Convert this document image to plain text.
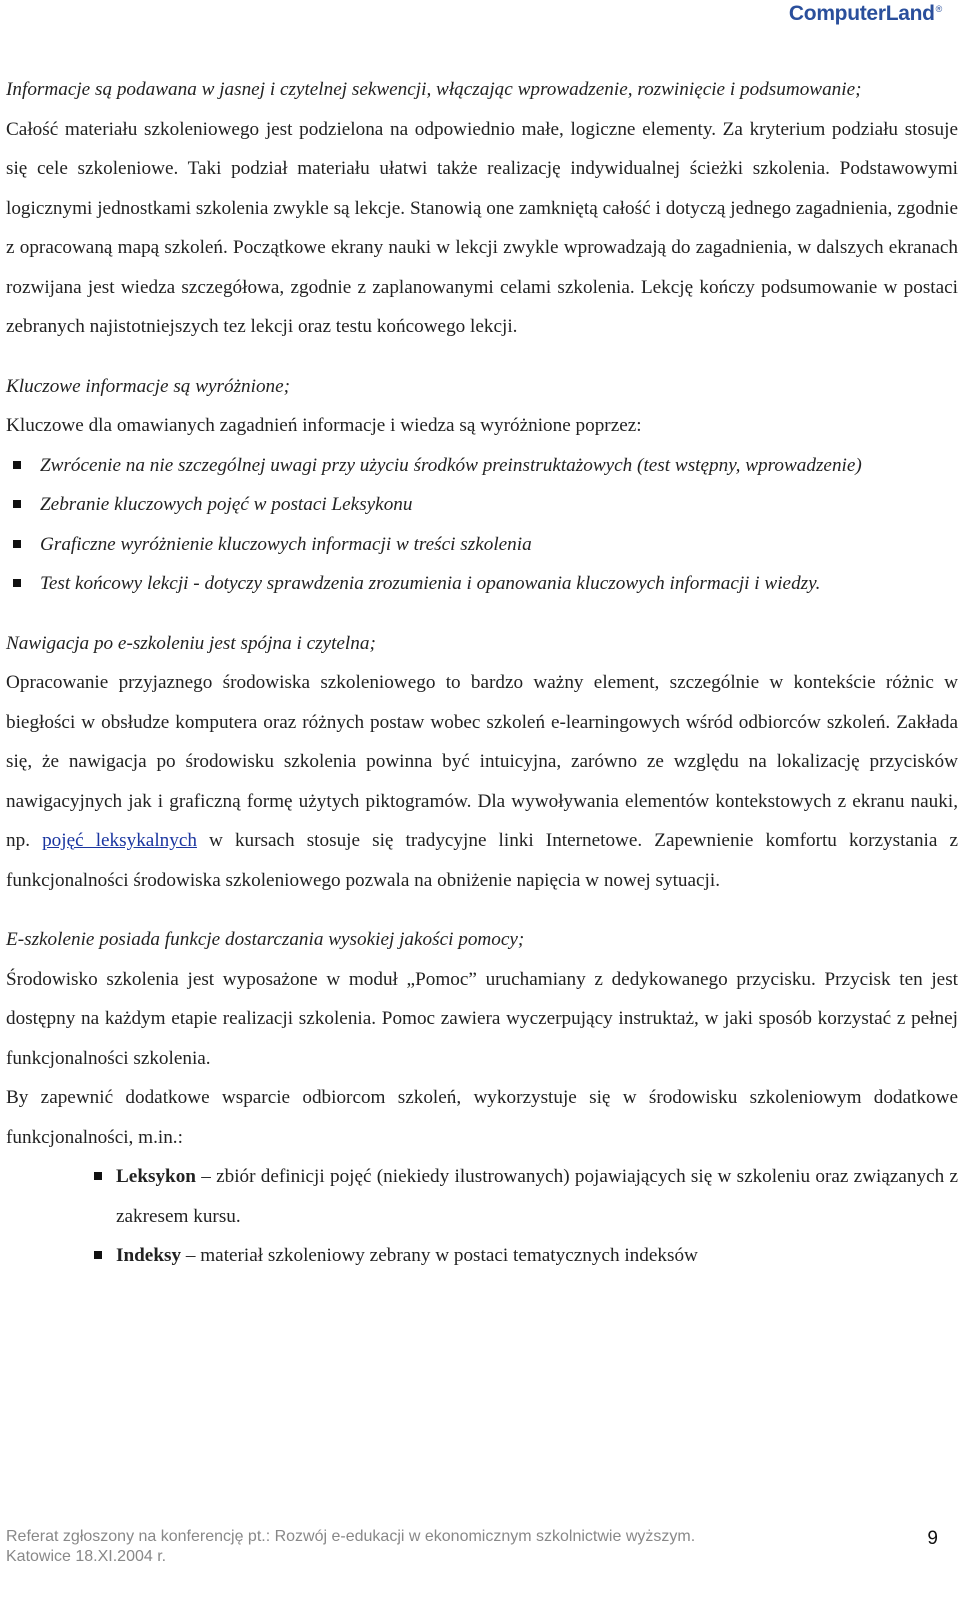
ComputerLand®

Informacje są podawana w jasnej i czytelnej sekwencji, włączając wprowadzenie, rozwinięcie i podsumowanie;

Całość materiału szkoleniowego jest podzielona na odpowiednio małe, logiczne elementy. Za kryterium podziału stosuje się cele szkoleniowe. Taki podział materiału ułatwi także realizację indywidualnej ścieżki szkolenia. Podstawowymi logicznymi jednostkami szkolenia zwykle są lekcje. Stanowią one zamkniętą całość i dotyczą jednego zagadnienia, zgodnie z opracowaną mapą szkoleń. Początkowe ekrany nauki w lekcji zwykle wprowadzają do zagadnienia, w dalszych ekranach rozwijana jest wiedza szczegółowa, zgodnie z zaplanowanymi celami szkolenia. Lekcję kończy podsumowanie w postaci zebranych najistotniejszych tez lekcji oraz testu końcowego lekcji.

Kluczowe informacje są wyróżnione;

Kluczowe dla omawianych zagadnień informacje i wiedza są wyróżnione poprzez:

Zwrócenie na nie szczególnej uwagi przy użyciu środków preinstruktażowych (test wstępny, wprowadzenie)
Zebranie kluczowych pojęć w postaci Leksykonu
Graficzne wyróżnienie kluczowych informacji w treści szkolenia
Test końcowy lekcji - dotyczy sprawdzenia zrozumienia i opanowania kluczowych informacji i wiedzy.

Nawigacja po e-szkoleniu jest spójna i czytelna;

Opracowanie przyjaznego środowiska szkoleniowego to bardzo ważny element, szczególnie w kontekście różnic w biegłości w obsłudze komputera oraz różnych postaw wobec szkoleń e-learningowych wśród odbiorców szkoleń. Zakłada się, że nawigacja po środowisku szkolenia powinna być intuicyjna, zarówno ze względu na lokalizację przycisków nawigacyjnych jak i graficzną formę użytych piktogramów. Dla wywoływania elementów kontekstowych z ekranu nauki, np. pojęć leksykalnych w kursach stosuje się tradycyjne linki Internetowe. Zapewnienie komfortu korzystania z funkcjonalności środowiska szkoleniowego pozwala na obniżenie napięcia w nowej sytuacji.

E-szkolenie posiada funkcje dostarczania wysokiej jakości pomocy;

Środowisko szkolenia jest wyposażone w moduł „Pomoc” uruchamiany z dedykowanego przycisku. Przycisk ten jest dostępny na każdym etapie realizacji szkolenia. Pomoc zawiera wyczerpujący instruktaż, w jaki sposób korzystać z pełnej funkcjonalności szkolenia.

By zapewnić dodatkowe wsparcie odbiorcom szkoleń, wykorzystuje się w środowisku szkoleniowym dodatkowe funkcjonalności, m.in.:

Leksykon – zbiór definicji pojęć (niekiedy ilustrowanych) pojawiających się w szkoleniu oraz związanych z zakresem kursu.
Indeksy – materiał szkoleniowy zebrany w postaci tematycznych indeksów
Referat zgłoszony na konferencję pt.: Rozwój e-edukacji w ekonomicznym szkolnictwie wyższym.
Katowice 18.XI.2004 r.
9
